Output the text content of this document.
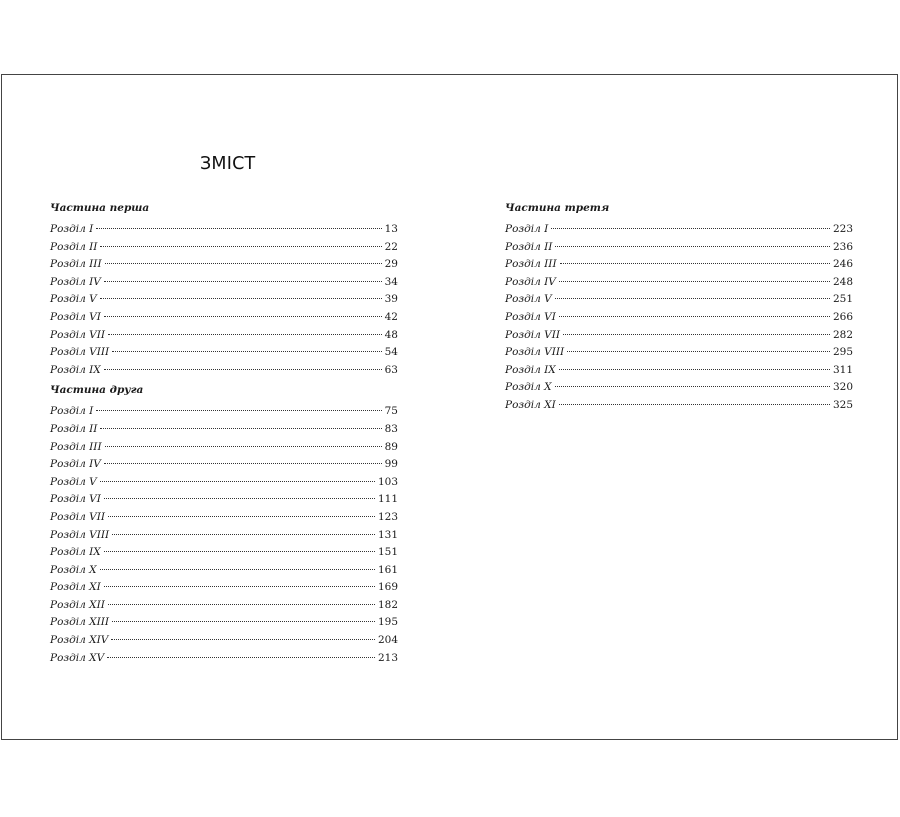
ЗМІСТ
Частина перша
Розділ I	13
Розділ II	22
Розділ III	29
Розділ IV	34
Розділ V	39
Розділ VI	42
Розділ VII	48
Розділ VIII	54
Розділ IX	63
Частина друга
Розділ I	75
Розділ II	83
Розділ III	89
Розділ IV	99
Розділ V	103
Розділ VI	111
Розділ VII	123
Розділ VIII	131
Розділ IX	151
Розділ X	161
Розділ XI	169
Розділ XII	182
Розділ XIII	195
Розділ XIV	204
Розділ XV	213
Частина третя
Розділ I	223
Розділ II	236
Розділ III	246
Розділ IV	248
Розділ V	251
Розділ VI	266
Розділ VII	282
Розділ VIII	295
Розділ IX	311
Розділ X	320
Розділ XI	325
